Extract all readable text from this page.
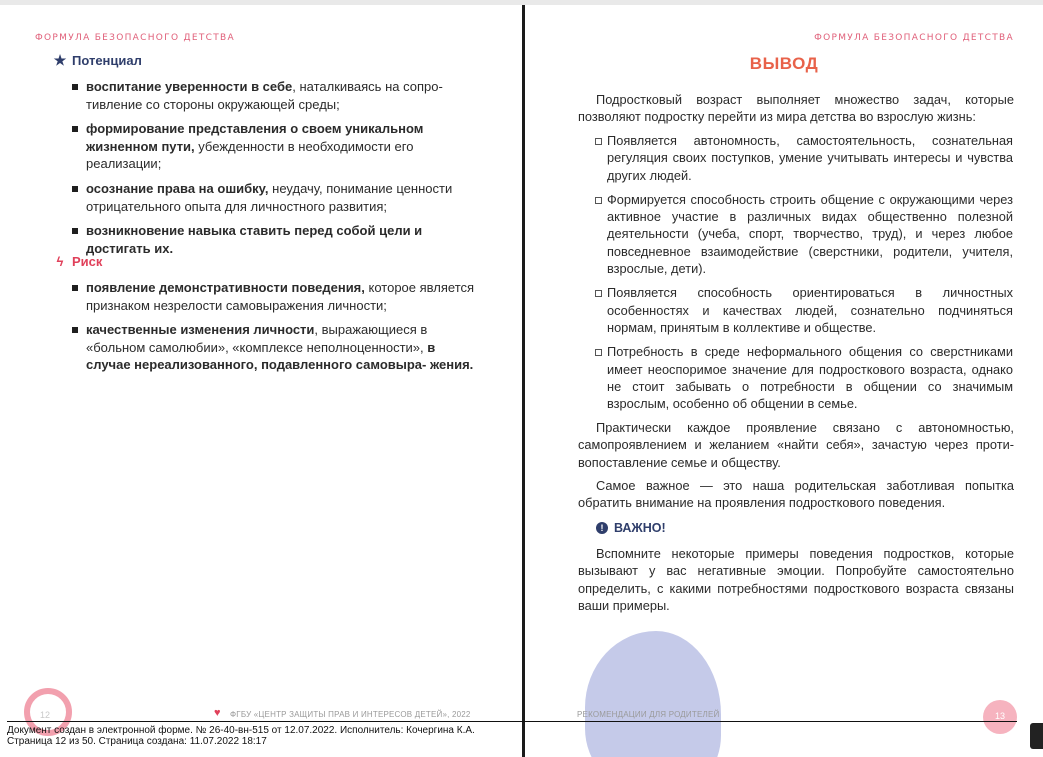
ФОРМУЛА БЕЗОПАСНОГО ДЕТСТВА
★ Потенциал
воспитание уверенности в себе, наталкиваясь на сопро- тивление со стороны окружающей среды;
формирование представления о своем уникальном жизненном пути, убежденности в необходимости его реализации;
осознание права на ошибку, неудачу, понимание ценности отрицательного опыта для личностного развития;
возникновение навыка ставить перед собой цели и достигать их.
ϟ Риск
появление демонстративности поведения, которое является признаком незрелости самовыражения личности;
качественные изменения личности, выражающиеся в «больном самолюбии», «комплексе неполноценности», в случае нереализованного, подавленного самовыра- жения.
12	♥ ФГБУ «ЦЕНТР ЗАЩИТЫ ПРАВ И ИНТЕРЕСОВ ДЕТЕЙ», 2022
ФОРМУЛА БЕЗОПАСНОГО ДЕТСТВА
ВЫВОД

Подростковый возраст выполняет множество задач, которые позволяют подростку перейти из мира детства во взрослую жизнь:

Появляется автономность, самостоятельность, сознательная регуляция своих поступков, умение учитывать интересы и чувства других людей.
Формируется способность строить общение с окружающими через активное участие в различных видах общественно полезной деятельности (учеба, спорт, творчество, труд), и через любое повседневное взаимодействие (сверстники, родители, учителя, взрослые, дети).
Появляется способность ориентироваться в личностных особенностях и качествах людей, сознательно подчиняться нормам, принятым в коллективе и обществе.
Потребность в среде неформального общения со сверстниками имеет неоспоримое значение для подросткового возраста, однако не стоит забывать о потребности в общении со значимым взрослым, особенно об общении в семье.

Практически каждое проявление связано с автономностью, самопроявлением и желанием «найти себя», зачастую через проти- вопоставление семье и обществу.

Самое важное — это наша родительская заботливая попытка обратить внимание на проявления подросткового поведения.

! ВАЖНО!

Вспомните некоторые примеры поведения подростков, которые вызывают у вас негативные эмоции. Попробуйте самостоятельно определить, с какими потребностями подросткового возраста связаны ваши примеры.

РЕКОМЕНДАЦИИ ДЛЯ РОДИТЕЛЕЙ	13
Документ создан в электронной форме. № 26-40-вн-515 от 12.07.2022. Исполнитель: Кочергина К.А.
Страница 12 из 50. Страница создана: 11.07.2022 18:17
